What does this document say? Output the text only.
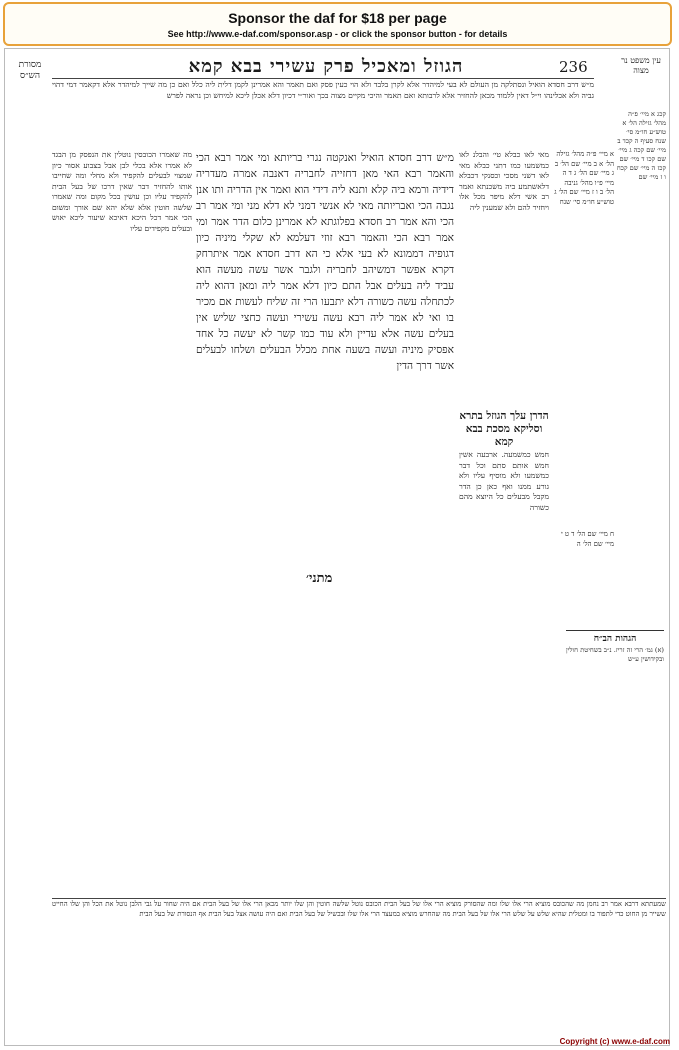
Sponsor the daf for $18 per page
See http://www.e-daf.com/sponsor.asp - or click the sponsor button - for details
236
הגוזל ומאכיל פרק עשירי בבא קמא
מסורת הש״ס
עין משפט נר מצוה

מ״ש דרב חסדא הואיל ונסתלקה מן העולם לא בעי למיהדר אלא לקרן בלבד ולא הוי כעין פסק ואם תאמר והא אמרינן לקמן דלית ליה כלל ואם כן מה שייך למיהדר אלא דקאמר דמי דהוי גביה ולא אכלינהו וי״ל דאין ללמוד מכאן להחזיר אלא לרבותא ואם תאמר והיכי מקיים מצוה בכך ואור״י דכיון דלא אכלן ליכא למיחש וכן נראה לפרש

מאי לאו כבלא טי׳ והבלנ לאו כמשמעו כמו דתני כבלא מאי לאו דשני מסכי וכסנקי דכבלא דלאשתמע ביה משכנתא ואמר רב אשי דלא מיפר מכל אלו ויחזיר להם ולא שמענין ליה

מ״ש דרב חסדא הואיל ואנקטה נגרי בריותא ומי אמר רבא הכי והאמר רבא האי מאן דחזייה לחבריה דאנבה אמרה מעדריה דידיה ורמא ביה קלא ותנא ליה דידי הוא ואמר אין הדריה ותו אנן נגבה הכי ואבריותה מאי לא אנשי דמני לא דלא מני ומי אמר רב הכי והא אמר רב חסדא בפלוגתא לא אמרינן כלום הדר אמר ומי אמר רבא הכי והאמר רבא זוזי דעלמא לא שקלי מיניה כיון דגופיה דממונא לא בעי אלא כי הא דרב חסדא אמר איתרחק דקרא אפשר דמשיהב לחבריה ולגבר אשר עשה מעשה הוא עביד ליה בעלים אבל התם כיון דלא אמר ליה ומאן דהוא ליה לכתחלה עשה כשורה דלא יתבעו הרי זה שליח לעשות אם מכיר בו ואי לא אמר ליה רבא עשה עשירי ועשה כחצי שליש אין בעלים עשה אלא עדיין ולא עוד כמו קשר לא יעשה כל אחד אפסיק מיניה ועשה בשעה אחת מכלל הבעלים ושלחו לבעלים אשר דרך הדין

הדרן עלך הגוזל בתרא וסליקא מסכת בבא קמא

חמש כמשמעה. ארבעה אשין חמש אותם סתם וכל דבר כמשמעו ולא מוסיף עליו ולא גורע ממנו ואף כאן כן הדר מקבל מבעלים כל היוצא מהם כשורה

מה שאמרו הכובסין נוטלין את הנפסק מן הבגד לא אמרו אלא בכלי לבן אבל בצבוע אסור כיון שמצוי לבעלים להקפיד ולא מחלי ומה שחייבו אותו להחזיר דבר שאין דרכו של בעל הבית להקפיד עליו וכן עושין בכל מקום ומה שאמרו שלשה חוטין אלא שלא יהא שם אורך ומשום הכי אמר דכל היכא דאיכא שיעור ליכא יאוש ובעלים מקפידים עליו

מתני׳

א מיי׳ פ״ה מהל׳ גזילה הל׳ א ב מיי׳ שם הל׳ ב ג מיי׳ שם הל׳ ג ד ה מיי׳ פ״ו מהל׳ גניבה הל׳ ב ו ז מיי׳ שם הל׳ ג טוש״ע חו״מ סי׳ שנח

ח מיי׳ שם הל׳ ד ט י מיי׳ שם הל׳ ה

קכג א מיי׳ פ״ה מהל׳ גזילה הל׳ א טוש״ע חו״מ סי׳ שנח סעיף ה קכד ב מיי׳ שם קכה ג מיי׳ שם קכו ד מיי׳ שם קכז ה מיי׳ שם קכח ו ז מיי׳ שם

הגהות הב״ח

(א) גמ׳ הרי זה זריז. נ״ב בשחיטת חולין ובקידושין ע״ש

שמעתתא דרבא אמר רב נחמן מה שהכובס מוציא הרי אלו שלו ומה שהסורק מוציא הרי אלו של בעל הבית הכובס נוטל שלשה חוטין והן שלו יותר מכאן הרי אלו של בעל הבית אם היה שחור על גבי הלבן נוטל את הכל והן שלו החייט ששייר מן החוט כדי לתפור בו ומטלית שהיא שלש על שלש הרי אלו של בעל הבית מה שהחרש מוציא במעצד הרי אלו שלו ובכשיל של בעל הבית ואם היה עושה אצל בעל הבית אף הנסורת של בעל הבית

Copyright (c) www.e-daf.com
